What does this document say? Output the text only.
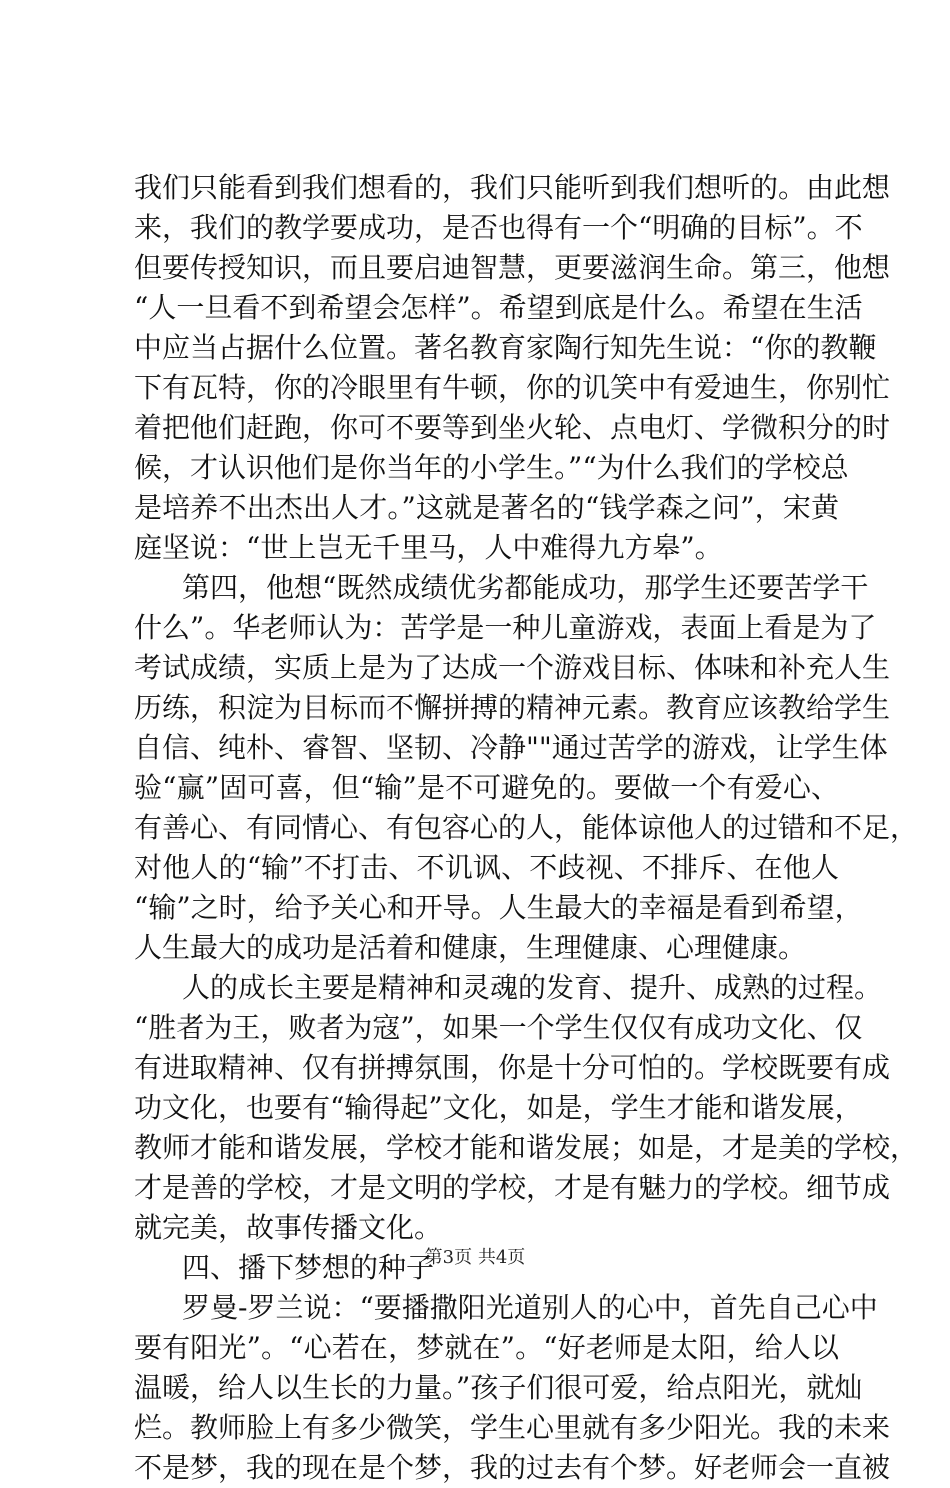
我们只能看到我们想看的，我们只能听到我们想听的。由此想
来，我们的教学要成功，是否也得有一个“明确的目标”。不
但要传授知识，而且要启迪智慧，更要滋润生命。第三，他想
“人一旦看不到希望会怎样”。希望到底是什么。希望在生活
中应当占据什么位置。著名教育家陶行知先生说：“你的教鞭
下有瓦特，你的冷眼里有牛顿，你的讥笑中有爱迪生，你别忙
着把他们赶跑，你可不要等到坐火轮、点电灯、学微积分的时
候，才认识他们是你当年的小学生。”“为什么我们的学校总
是培养不出杰出人才。”这就是著名的“钱学森之问”，宋黄
庭坚说：“世上岂无千里马，人中难得九方皋”。
第四，他想“既然成绩优劣都能成功，那学生还要苦学干
什么”。华老师认为：苦学是一种儿童游戏，表面上看是为了
考试成绩，实质上是为了达成一个游戏目标、体味和补充人生
历练，积淀为目标而不懈拼搏的精神元素。教育应该教给学生
自信、纯朴、睿智、坚韧、冷静""通过苦学的游戏，让学生体
验“赢”固可喜，但“输”是不可避免的。要做一个有爱心、
有善心、有同情心、有包容心的人，能体谅他人的过错和不足，
对他人的“输”不打击、不讥讽、不歧视、不排斥、在他人
“输”之时，给予关心和开导。人生最大的幸福是看到希望，
人生最大的成功是活着和健康，生理健康、心理健康。
人的成长主要是精神和灵魂的发育、提升、成熟的过程。
“胜者为王，败者为寇”，如果一个学生仅仅有成功文化、仅
有进取精神、仅有拼搏氛围，你是十分可怕的。学校既要有成
功文化，也要有“输得起”文化，如是，学生才能和谐发展，
教师才能和谐发展，学校才能和谐发展；如是，才是美的学校，
才是善的学校，才是文明的学校，才是有魅力的学校。细节成
就完美，故事传播文化。
四、播下梦想的种子
罗曼-罗兰说：“要播撒阳光道别人的心中，首先自己心中
要有阳光”。“心若在，梦就在”。“好老师是太阳，给人以
温暖，给人以生长的力量。”孩子们很可爱，给点阳光，就灿
烂。教师脸上有多少微笑，学生心里就有多少阳光。我的未来
不是梦，我的现在是个梦，我的过去有个梦。好老师会一直被
第3页 共4页
